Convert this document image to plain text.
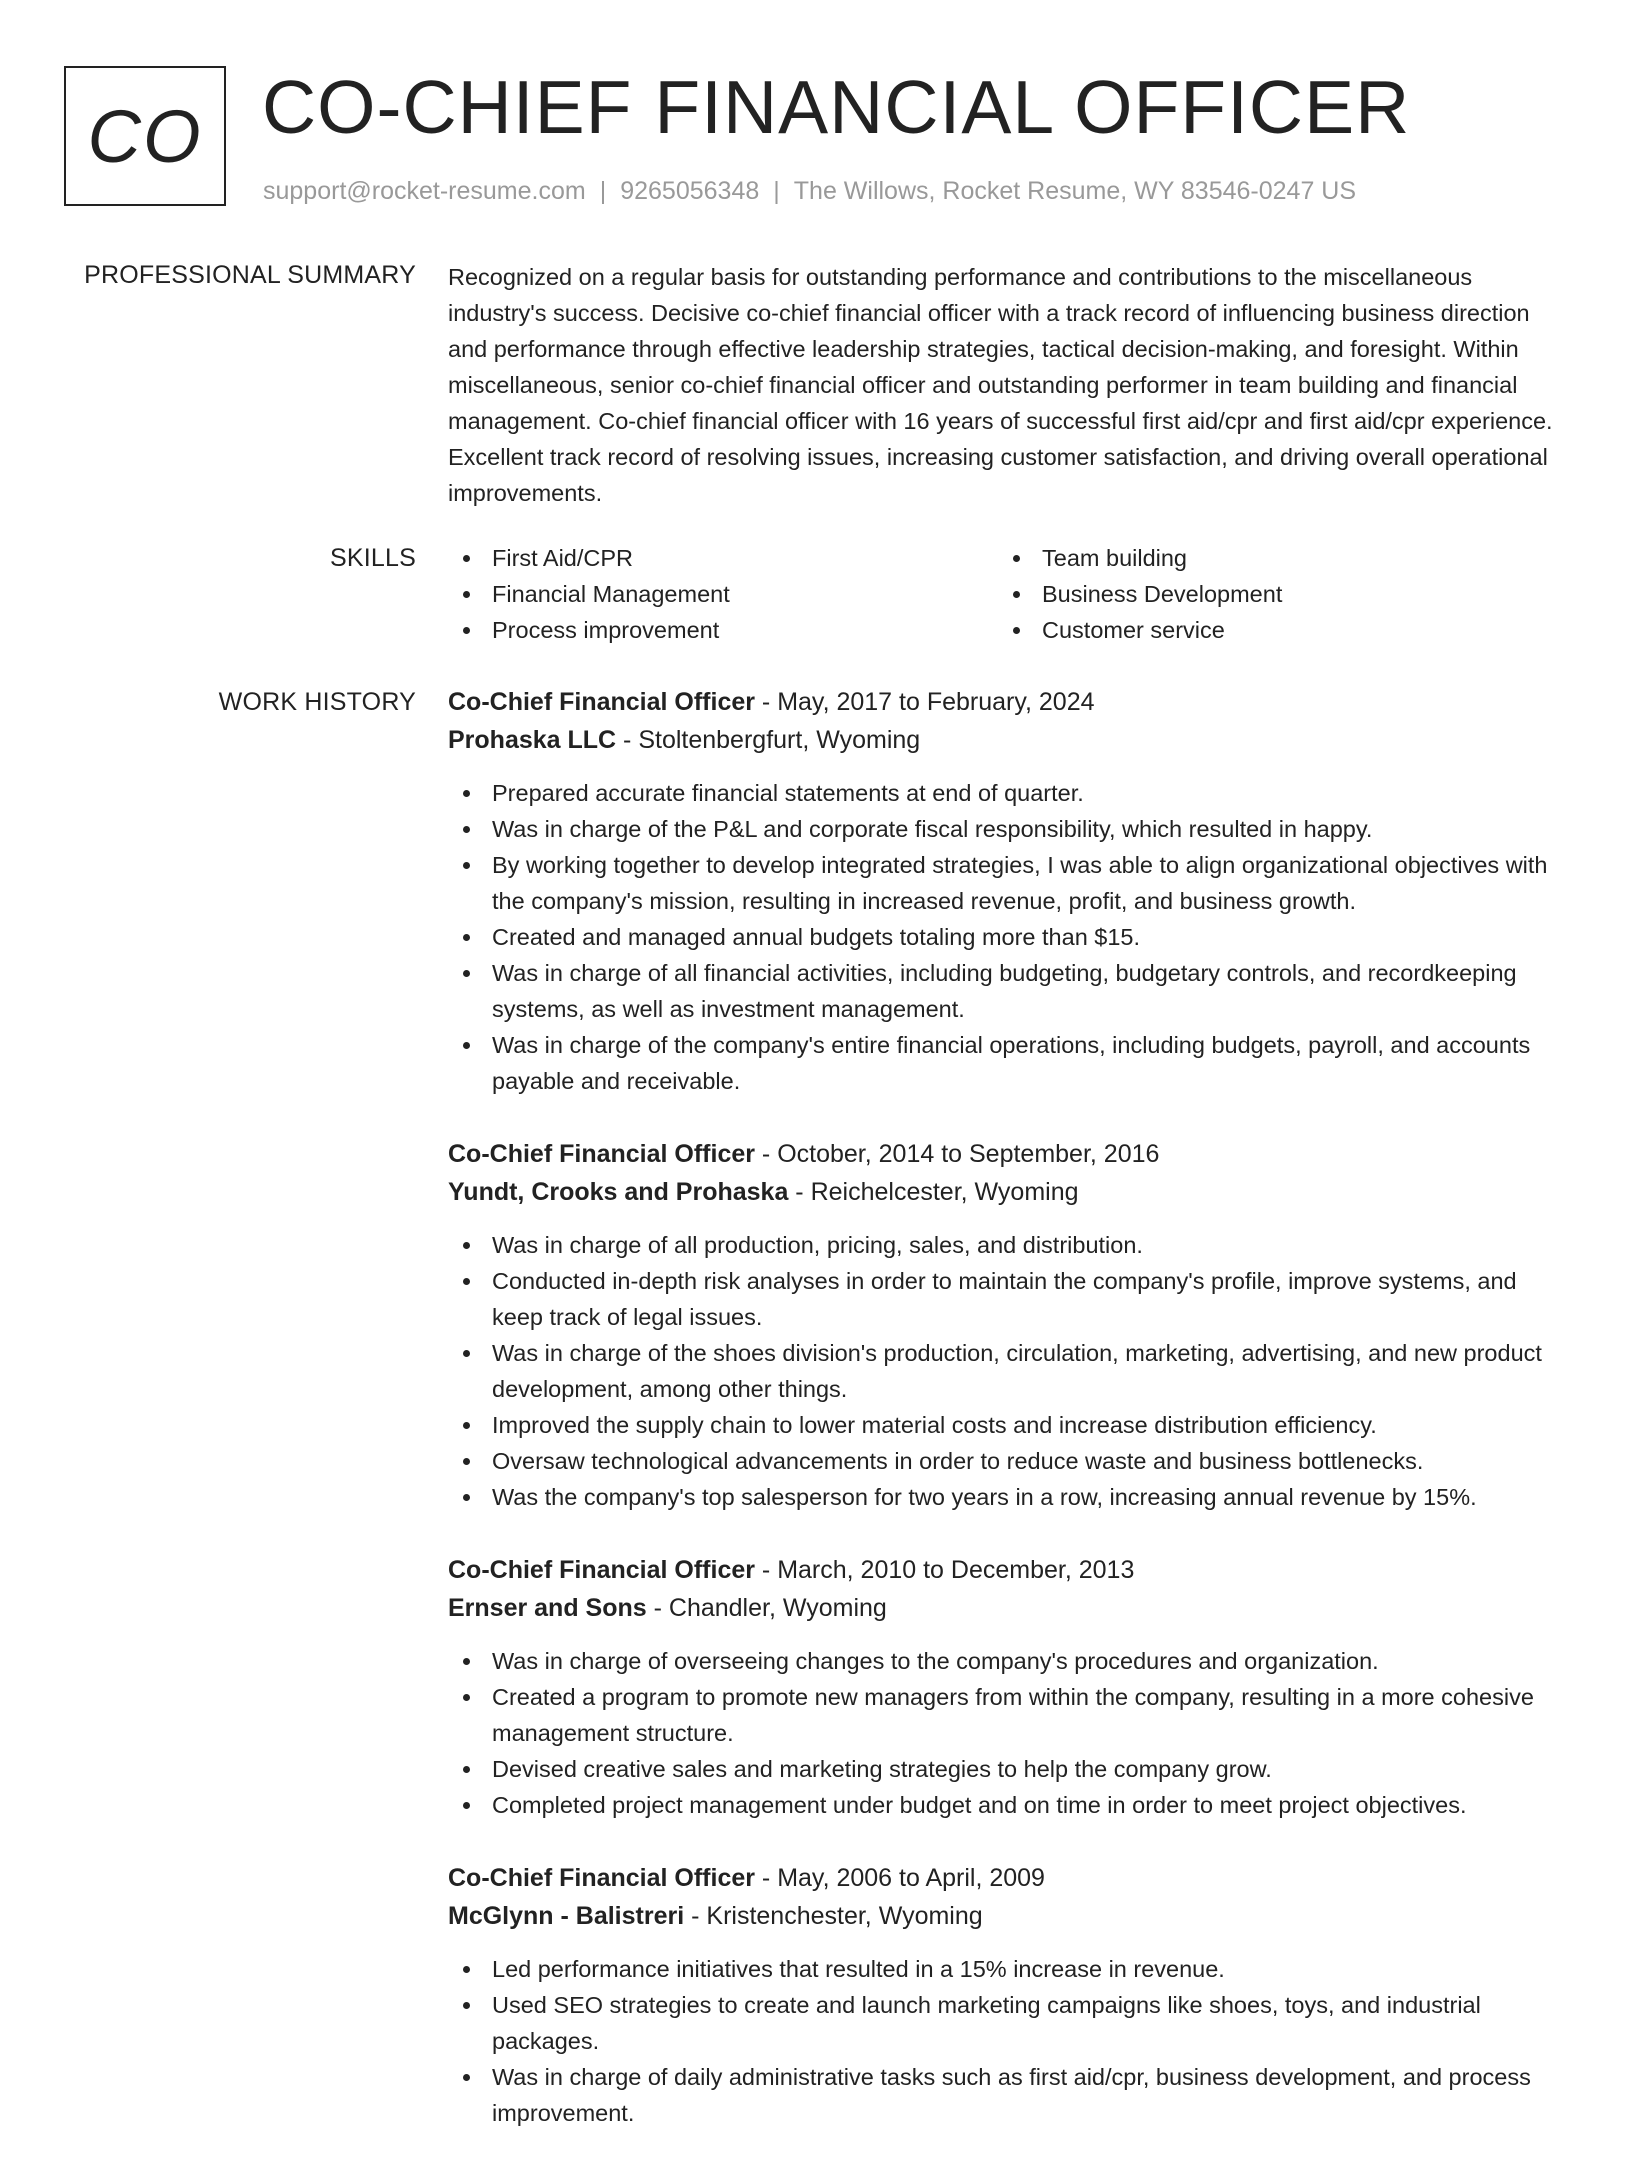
CO CO-CHIEF FINANCIAL OFFICER
support@rocket-resume.com | 9265056348 | The Willows, Rocket Resume, WY 83546-0247 US
PROFESSIONAL SUMMARY Recognized on a regular basis for outstanding performance and contributions to the miscellaneous industry's success. Decisive co-chief financial officer with a track record of influencing business direction and performance through effective leadership strategies, tactical decision-making, and foresight. Within miscellaneous, senior co-chief financial officer and outstanding performer in team building and financial management. Co-chief financial officer with 16 years of successful first aid/cpr and first aid/cpr experience. Excellent track record of resolving issues, increasing customer satisfaction, and driving overall operational improvements.

SKILLS	First Aid/CPR
Financial Management
Process improvement
Team building
Business Development
Customer service
WORK HISTORY Co-Chief Financial Officer - May, 2017 to February, 2024
Prohaska LLC - Stoltenbergfurt, Wyoming
Prepared accurate financial statements at end of quarter.
Was in charge of the P&L and corporate fiscal responsibility, which resulted in happy.
By working together to develop integrated strategies, I was able to align organizational objectives with the company's mission, resulting in increased revenue, profit, and business growth.
Created and managed annual budgets totaling more than $15.
Was in charge of all financial activities, including budgeting, budgetary controls, and recordkeeping systems, as well as investment management.
Was in charge of the company's entire financial operations, including budgets, payroll, and accounts payable and receivable.
Co-Chief Financial Officer - October, 2014 to September, 2016
Yundt, Crooks and Prohaska - Reichelcester, Wyoming
Was in charge of all production, pricing, sales, and distribution.
Conducted in-depth risk analyses in order to maintain the company's profile, improve systems, and keep track of legal issues.
Was in charge of the shoes division's production, circulation, marketing, advertising, and new product development, among other things.
Improved the supply chain to lower material costs and increase distribution efficiency.
Oversaw technological advancements in order to reduce waste and business bottlenecks.
Was the company's top salesperson for two years in a row, increasing annual revenue by 15%.
Co-Chief Financial Officer - March, 2010 to December, 2013
Ernser and Sons - Chandler, Wyoming
Was in charge of overseeing changes to the company's procedures and organization.
Created a program to promote new managers from within the company, resulting in a more cohesive management structure.
Devised creative sales and marketing strategies to help the company grow.
Completed project management under budget and on time in order to meet project objectives.
Co-Chief Financial Officer - May, 2006 to April, 2009
McGlynn - Balistreri - Kristenchester, Wyoming
Led performance initiatives that resulted in a 15% increase in revenue.
Used SEO strategies to create and launch marketing campaigns like shoes, toys, and industrial packages.
Was in charge of daily administrative tasks such as first aid/cpr, business development, and process improvement.
